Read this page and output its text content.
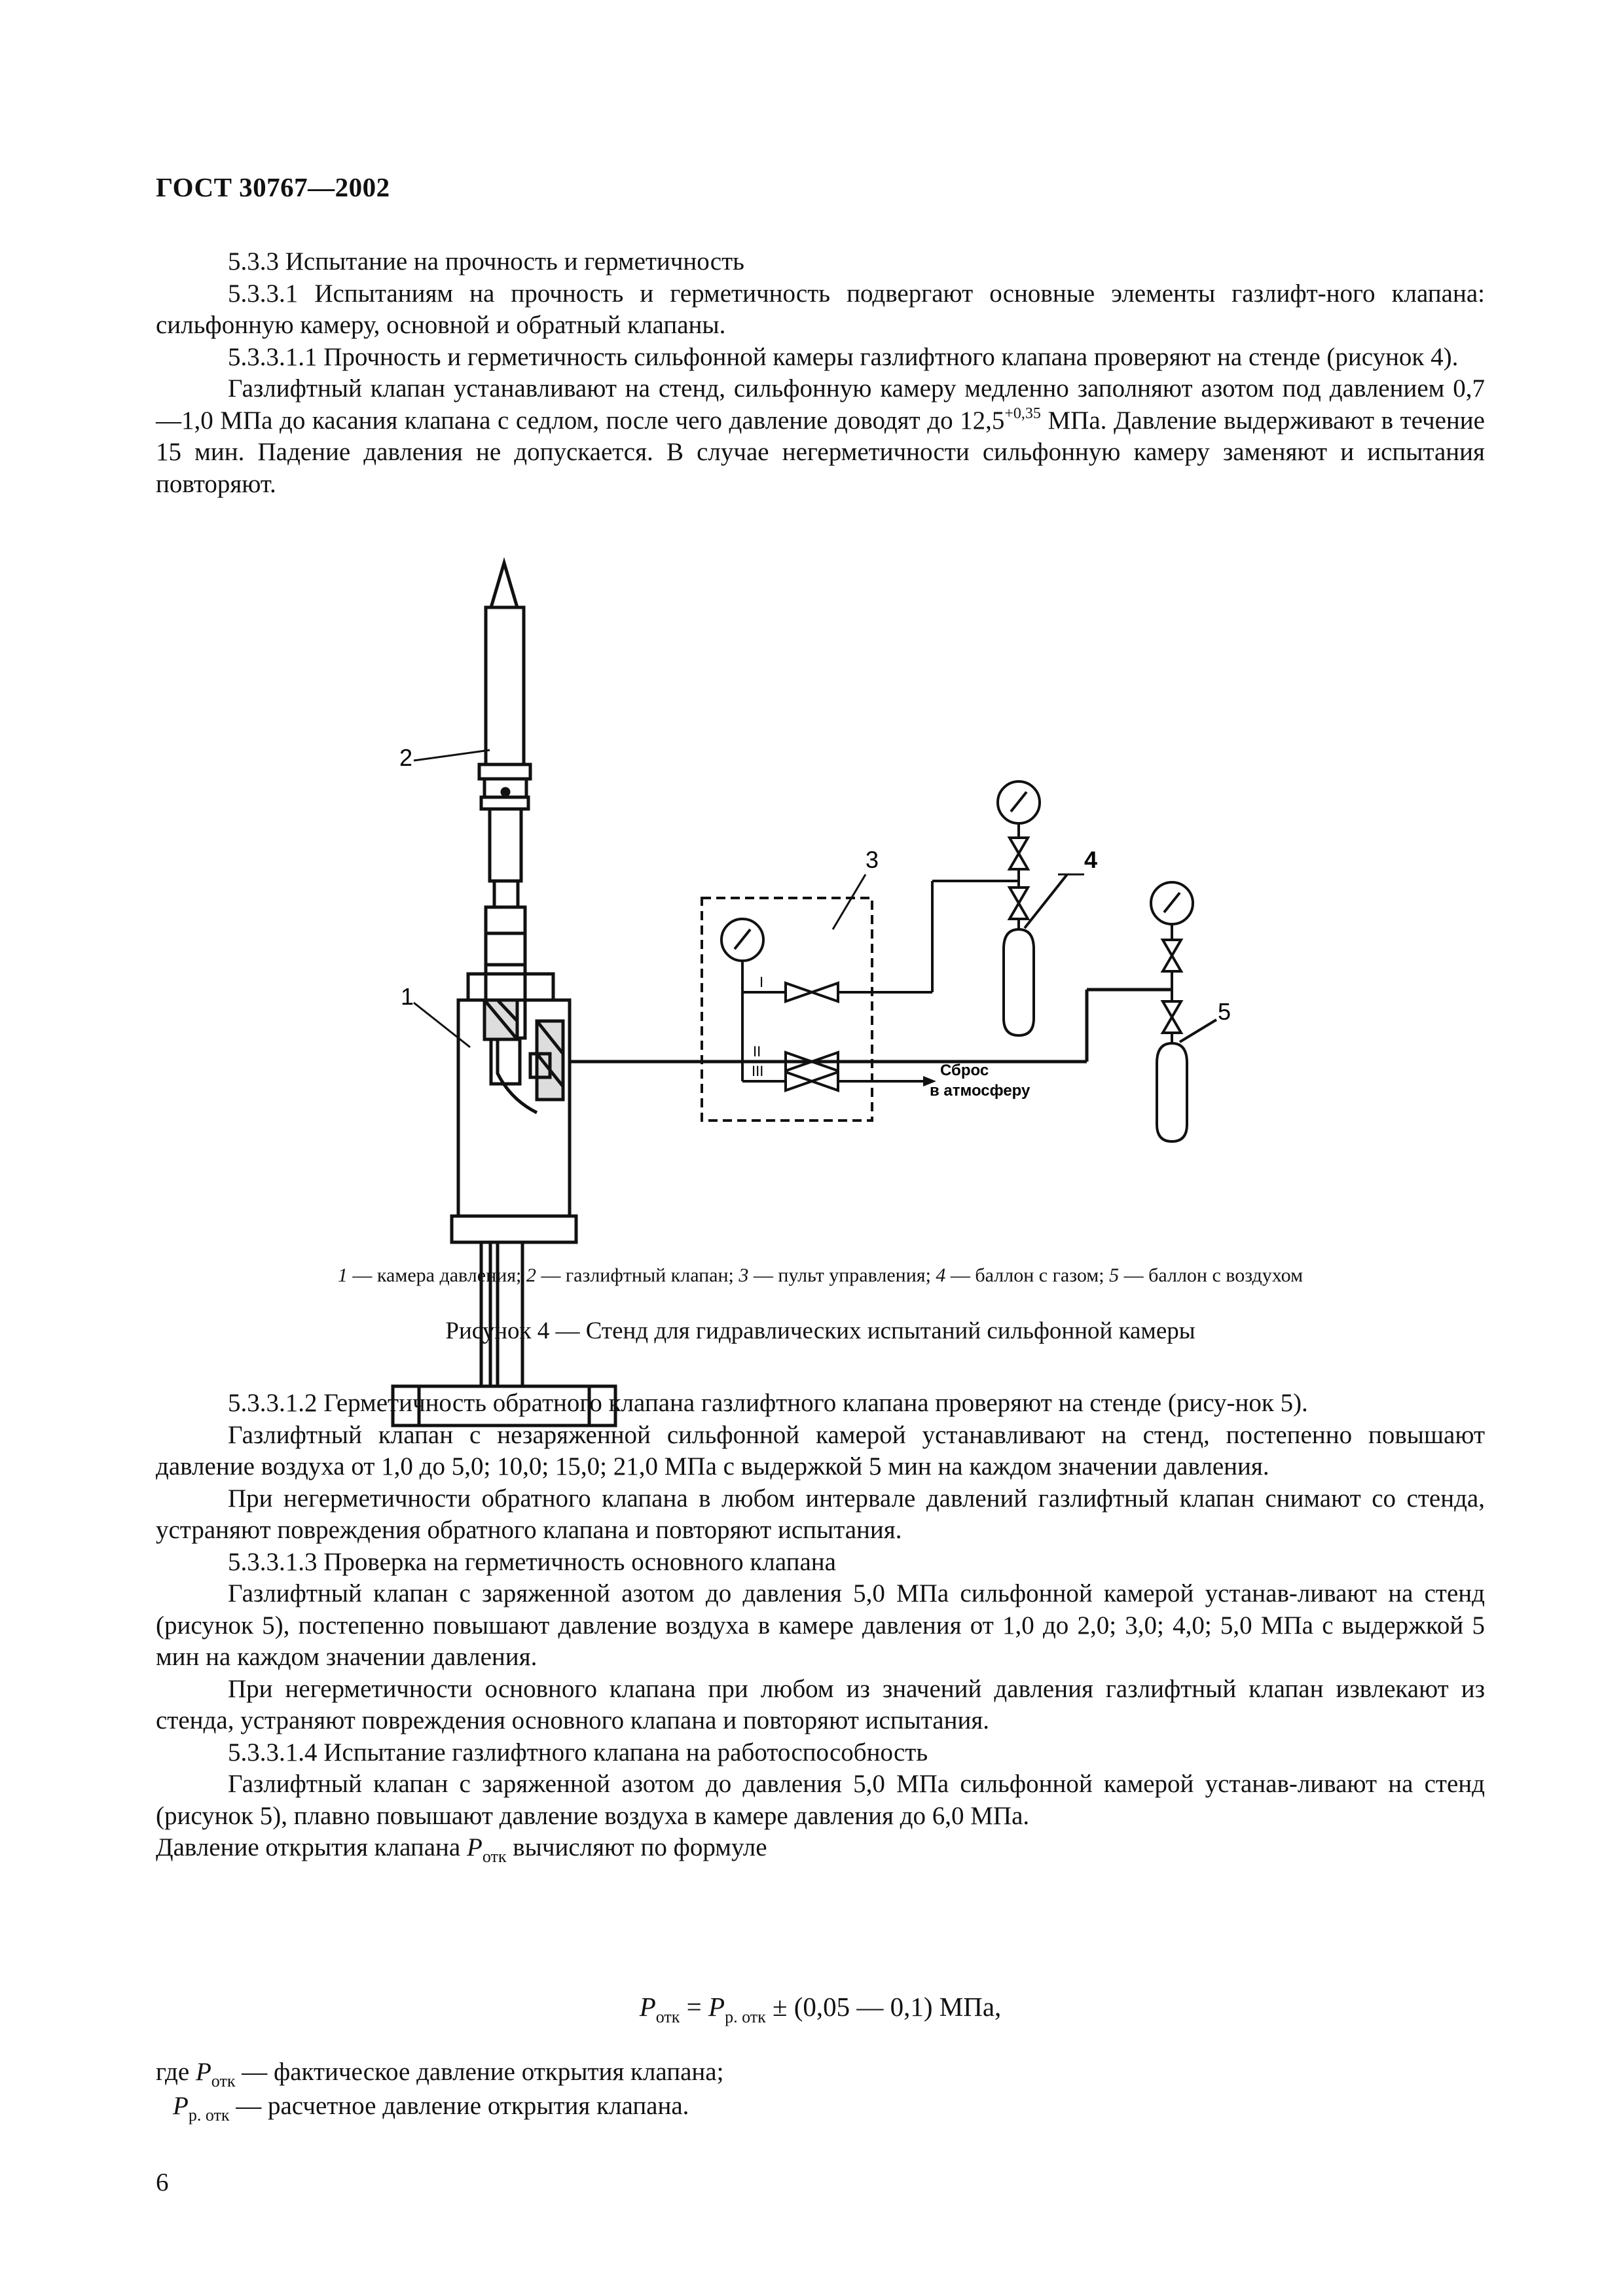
ГОСТ 30767—2002

5.3.3 Испытание на прочность и герметичность

5.3.3.1 Испытаниям на прочность и герметичность подвергают основные элементы газлифт-ного клапана: сильфонную камеру, основной и обратный клапаны.

5.3.3.1.1 Прочность и герметичность сильфонной камеры газлифтного клапана проверяют на стенде (рисунок 4).

Газлифтный клапан устанавливают на стенд, сильфонную камеру медленно заполняют азотом под давлением 0,7—1,0 МПа до касания клапана с седлом, после чего давление доводят до $12,5^{+0,35}$ МПа. Давление выдерживают в течение 15 мин. Падение давления не допускается. В случае негерметичности сильфонную камеру заменяют и испытания повторяют.

2
1
3	4
5
I
II
III	Сброс
в атмосферу
1 — камера давления; 2 — газлифтный клапан; 3 — пульт управления; 4 — баллон с газом; 5 — баллон с воздухом
Рисунок 4 — Стенд для гидравлических испытаний сильфонной камеры

5.3.3.1.2 Герметичность обратного клапана газлифтного клапана проверяют на стенде (рису-нок 5).

Газлифтный клапан с незаряженной сильфонной камерой устанавливают на стенд, постепенно повышают давление воздуха от 1,0 до 5,0; 10,0; 15,0; 21,0 МПа с выдержкой 5 мин на каждом значении давления.

При негерметичности обратного клапана в любом интервале давлений газлифтный клапан снимают со стенда, устраняют повреждения обратного клапана и повторяют испытания.

5.3.3.1.3 Проверка на герметичность основного клапана

Газлифтный клапан с заряженной азотом до давления 5,0 МПа сильфонной камерой устанав-ливают на стенд (рисунок 5), постепенно повышают давление воздуха в камере давления от 1,0 до 2,0; 3,0; 4,0; 5,0 МПа с выдержкой 5 мин на каждом значении давления.

При негерметичности основного клапана при любом из значений давления газлифтный клапан извлекают из стенда, устраняют повреждения основного клапана и повторяют испытания.

5.3.3.1.4 Испытание газлифтного клапана на работоспособность

Газлифтный клапан с заряженной азотом до давления 5,0 МПа сильфонной камерой устанав-ливают на стенд (рисунок 5), плавно повышают давление воздуха в камере давления до 6,0 МПа.

Давление открытия клапана $P_{отк}$ вычисляют по формуле

$P_{отк} = P_{р. отк} \pm (0,05$ — 0,1) МПа,
где $P_{отк}$ — фактическое давление открытия клапана;
$P_{р. отк}$ — расчетное давление открытия клапана.
6
